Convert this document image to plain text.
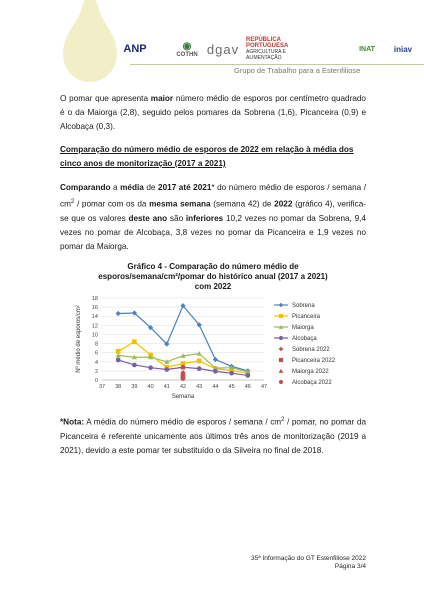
ANP	◉
COTHN dgav
REPÚBLICA PORTUGUESA
AGRICULTURA E ALIMENTAÇÃO
INAT iniav
Grupo de Trabalho para a Estenfiliose

O pomar que apresenta maior número médio de esporos por centímetro quadrado é o da Maiorga (2,8), seguido pelos pomares da Sobrena (1,6), Picanceira (0,9) e Alcobaça (0,3).

Comparação do número médio de esporos de 2022 em relação à média dos cinco anos de monitorização (2017 a 2021)

Comparando a média de 2017 até 2021* do número médio de esporos / semana / $cm^2$ / pomar com os da mesma semana (semana 42) de 2022 (gráfico 4), verifica-se que os valores deste ano são inferiores 10,2 vezes no pomar da Sobrena, 9,4 vezes no pomar de Alcobaça, 3,8 vezes no pomar da Picanceira e 1,9 vezes no pomar da Maiorga.

Gráfico 4 - Comparação do número médio de
esporos/semana/cm²/pomar do histórico anual (2017 a 2021)
com 2022
0
2
4
6
8
10
12
14
16
18
37 38 39 40 41 42 43 44 45 46 47
Semana
Nº médio de esporos/cm²	Sobrena
Picanceira
Maiorga
Alcobaça
Sobrena 2022
Picanceira 2022
Maiorga 2022
Alcobaça 2022

*Nota: A média do número médio de esporos / semana / $cm^2$ / pomar, no pomar da Picanceira é referente unicamente aos últimos três anos de monitorização (2019 a 2021), devido a este pomar ter substituído o da Silveira no final de 2018.

35ª Informação do GT Estenfiliose 2022
Página 3/4
